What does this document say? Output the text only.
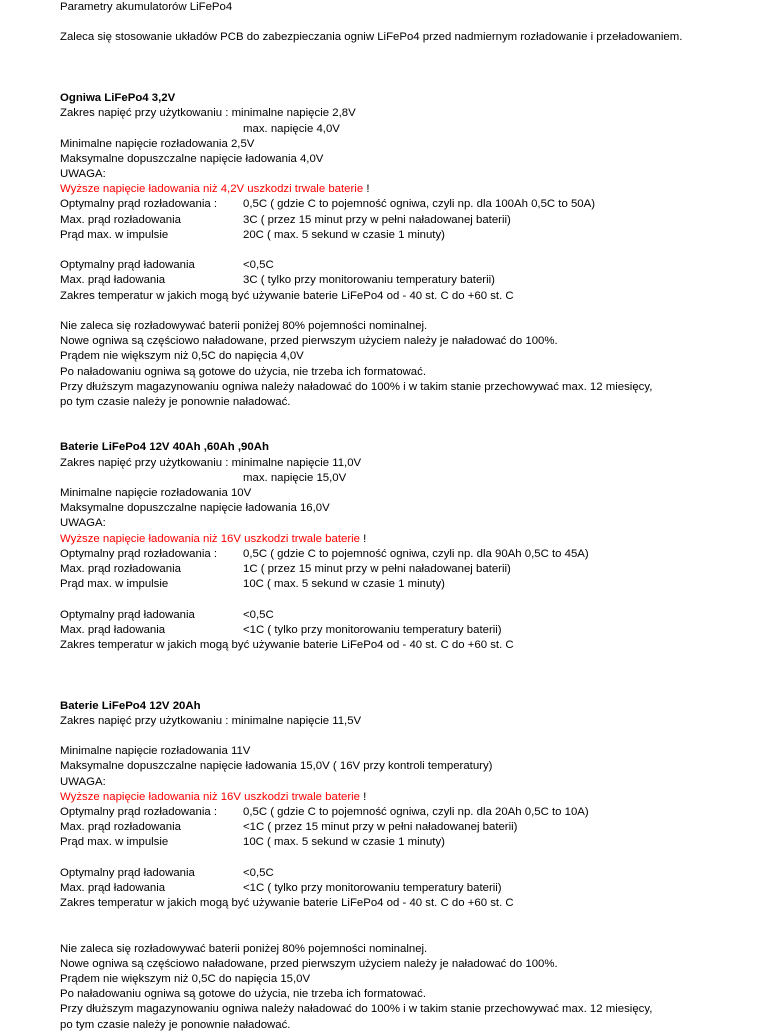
Parametry akumulatorów LiFePo4
Zaleca się stosowanie układów PCB do zabezpieczania ogniw LiFePo4 przed nadmiernym rozładowanie i przeładowaniem.
Ogniwa LiFePo4 3,2V
Zakres napięć przy użytkowaniu : minimalne napięcie 2,8V
max. napięcie 4,0V
Minimalne napięcie rozładowania 2,5V
Maksymalne dopuszczalne napięcie ładowania 4,0V
UWAGA:
Wyższe napięcie ładowania niż 4,2V uszkodzi trwale baterie !
Optymalny prąd rozładowania : 0,5C ( gdzie C to pojemność ogniwa, czyli np. dla 100Ah 0,5C to 50A)
Max. prąd rozładowania	3C ( przez 15 minut przy w pełni naładowanej baterii)
Prąd max. w impulsie	20C ( max. 5 sekund w czasie 1 minuty)
Optymalny prąd ładowania	<0,5C
Max. prąd ładowania	3C ( tylko przy monitorowaniu temperatury baterii)
Zakres temperatur w jakich mogą być używanie baterie LiFePo4 od - 40 st. C do +60 st. C
Nie zaleca się rozładowywać baterii poniżej 80% pojemności nominalnej.
Nowe ogniwa są częściowo naładowane, przed pierwszym użyciem należy je naładować do 100%.
Prądem nie większym niż 0,5C do napięcia 4,0V
Po naładowaniu ogniwa są gotowe do użycia, nie trzeba ich formatować.
Przy dłuższym magazynowaniu ogniwa należy naładować do 100% i w takim stanie przechowywać max. 12 miesięcy,
po tym czasie należy je ponownie naładować.
Baterie LiFePo4 12V 40Ah ,60Ah ,90Ah
Zakres napięć przy użytkowaniu : minimalne napięcie 11,0V
max. napięcie 15,0V
Minimalne napięcie rozładowania 10V
Maksymalne dopuszczalne napięcie ładowania 16,0V
UWAGA:
Wyższe napięcie ładowania niż 16V uszkodzi trwale baterie !
Optymalny prąd rozładowania : 0,5C ( gdzie C to pojemność ogniwa, czyli np. dla 90Ah 0,5C to 45A)
Max. prąd rozładowania	1C ( przez 15 minut przy w pełni naładowanej baterii)
Prąd max. w impulsie	10C ( max. 5 sekund w czasie 1 minuty)
Optymalny prąd ładowania	<0,5C
Max. prąd ładowania	<1C ( tylko przy monitorowaniu temperatury baterii)
Zakres temperatur w jakich mogą być używanie baterie LiFePo4 od - 40 st. C do +60 st. C
Baterie LiFePo4 12V 20Ah
Zakres napięć przy użytkowaniu : minimalne napięcie 11,5V
Minimalne napięcie rozładowania 11V
Maksymalne dopuszczalne napięcie ładowania 15,0V ( 16V przy kontroli temperatury)
UWAGA:
Wyższe napięcie ładowania niż 16V uszkodzi trwale baterie !
Optymalny prąd rozładowania : 0,5C ( gdzie C to pojemność ogniwa, czyli np. dla 20Ah 0,5C to 10A)
Max. prąd rozładowania	<1C ( przez 15 minut przy w pełni naładowanej baterii)
Prąd max. w impulsie	10C ( max. 5 sekund w czasie 1 minuty)
Optymalny prąd ładowania	<0,5C
Max. prąd ładowania	<1C ( tylko przy monitorowaniu temperatury baterii)
Zakres temperatur w jakich mogą być używanie baterie LiFePo4 od - 40 st. C do +60 st. C
Nie zaleca się rozładowywać baterii poniżej 80% pojemności nominalnej.
Nowe ogniwa są częściowo naładowane, przed pierwszym użyciem należy je naładować do 100%.
Prądem nie większym niż 0,5C do napięcia 15,0V
Po naładowaniu ogniwa są gotowe do użycia, nie trzeba ich formatować.
Przy dłuższym magazynowaniu ogniwa należy naładować do 100% i w takim stanie przechowywać max. 12 miesięcy,
po tym czasie należy je ponownie naładować.
